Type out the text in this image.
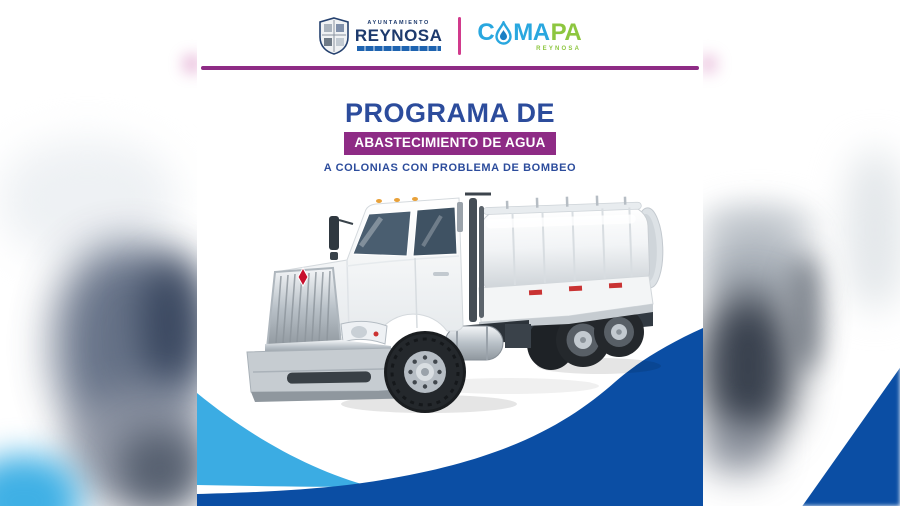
AYUNTAMIENTO
REYNOSA C MA PA
REYNOSA
PROGRAMA DE
ABASTECIMIENTO DE AGUA
A COLONIAS CON PROBLEMA DE BOMBEO
